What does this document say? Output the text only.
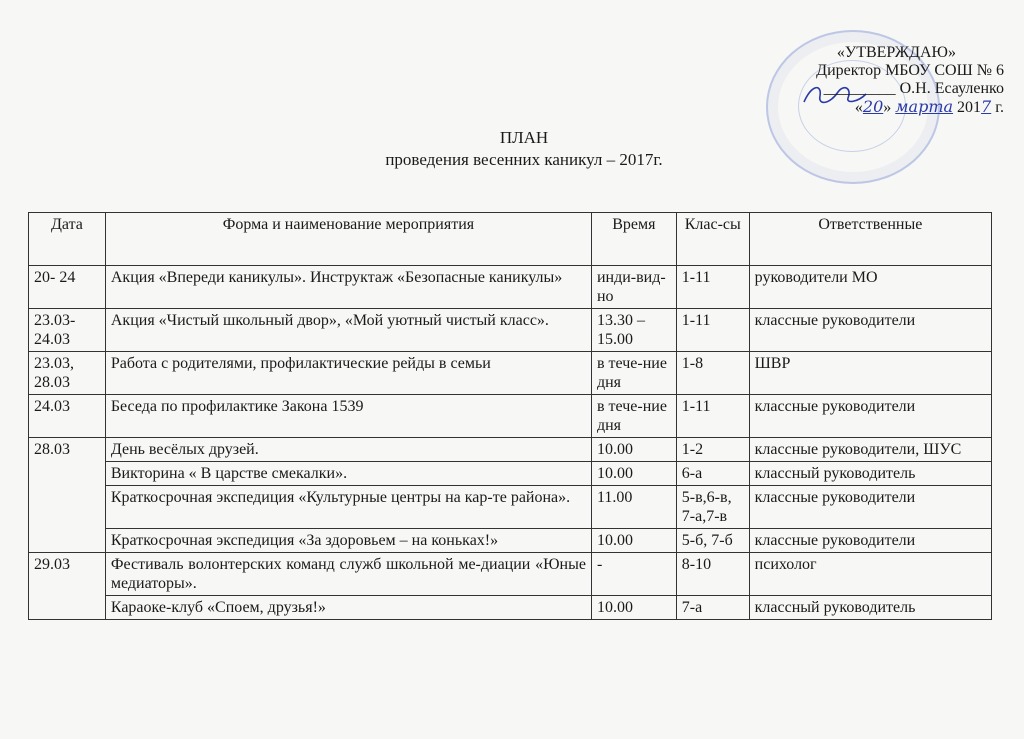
«УТВЕРЖДАЮ»
Директор МБОУ СОШ № 6
_________ О.Н. Есауленко
«20» марта 2017 г.
ПЛАН
проведения весенних каникул – 2017г.
Дата	Форма и наименование мероприятия	Время	Клас-сы	Ответственные
20- 24	Акция «Впереди каникулы». Инструктаж «Безопасные каникулы»	инди-вид-но	1-11	руководители МО
23.03-24.03	Акция «Чистый школьный двор», «Мой уютный чистый класс».	13.30 – 15.00	1-11	классные руководители
23.03, 28.03	Работа с родителями, профилактические рейды в семьи	в тече-ние дня	1-8	ШВР
24.03	Беседа по профилактике Закона 1539	в тече-ние дня	1-11	классные руководители
28.03	День весёлых друзей.	10.00	1-2	классные руководители, ШУС
	Викторина « В царстве смекалки».	10.00	6-а	классный руководитель
	Краткосрочная экспедиция «Культурные центры на кар-те района».	11.00	5-в,6-в, 7-а,7-в	классные руководители
	Краткосрочная экспедиция «За здоровьем – на коньках!»	10.00	5-б, 7-б	классные руководители
29.03	Фестиваль волонтерских команд служб школьной ме-диации «Юные медиаторы».	-	8-10	психолог
	Караоке-клуб «Споем, друзья!»	10.00	7-а	классный руководитель
